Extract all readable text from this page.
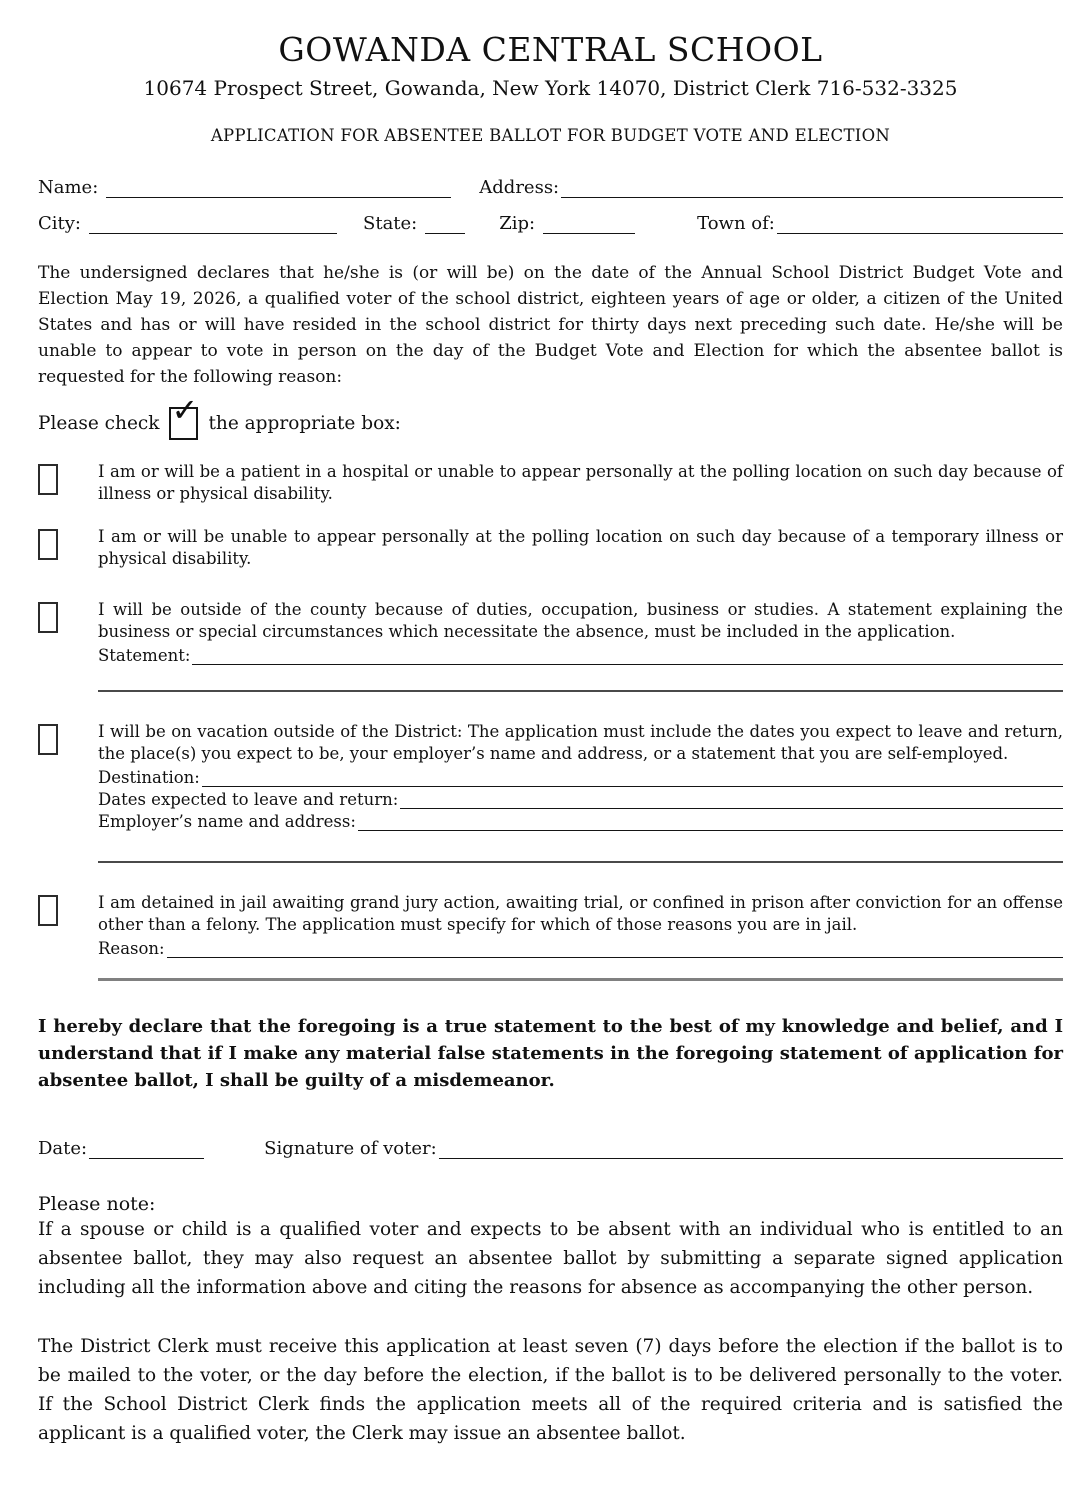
GOWANDA CENTRAL SCHOOL
10674 Prospect Street, Gowanda, New York 14070, District Clerk 716-532-3325
APPLICATION FOR ABSENTEE BALLOT FOR BUDGET VOTE AND ELECTION
Name:	Address:
City:	State:	Zip:	Town of:

The undersigned declares that he/she is (or will be) on the date of the Annual School District Budget Vote and Election May 19, 2026, a qualified voter of the school district, eighteen years of age or older, a citizen of the United States and has or will have resided in the school district for thirty days next preceding such date. He/she will be unable to appear to vote in person on the day of the Budget Vote and Election for which the absentee ballot is requested for the following reason:

Please check ✓ the appropriate box:

I am or will be a patient in a hospital or unable to appear personally at the polling location on such day because of illness or physical disability.

I am or will be unable to appear personally at the polling location on such day because of a temporary illness or physical disability.

I will be outside of the county because of duties, occupation, business or studies. A statement explaining the business or special circumstances which necessitate the absence, must be included in the application.

Statement:

I will be on vacation outside of the District: The application must include the dates you expect to leave and return, the place(s) you expect to be, your employer’s name and address, or a statement that you are self-employed.

Destination:
Dates expected to leave and return:
Employer’s name and address:

I am detained in jail awaiting grand jury action, awaiting trial, or confined in prison after conviction for an offense other than a felony. The application must specify for which of those reasons you are in jail.

Reason:

I hereby declare that the foregoing is a true statement to the best of my knowledge and belief, and I understand that if I make any material false statements in the foregoing statement of application for absentee ballot, I shall be guilty of a misdemeanor.

Date:	Signature of voter:
Please note:

If a spouse or child is a qualified voter and expects to be absent with an individual who is entitled to an absentee ballot, they may also request an absentee ballot by submitting a separate signed application including all the information above and citing the reasons for absence as accompanying the other person.

The District Clerk must receive this application at least seven (7) days before the election if the ballot is to be mailed to the voter, or the day before the election, if the ballot is to be delivered personally to the voter. If the School District Clerk finds the application meets all of the required criteria and is satisfied the applicant is a qualified voter, the Clerk may issue an absentee ballot.
